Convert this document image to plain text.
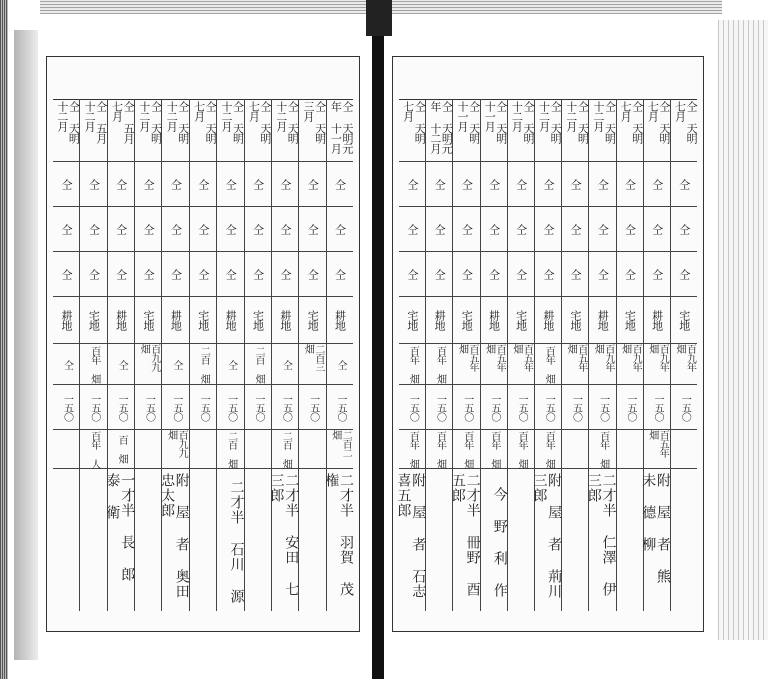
仝 天明 十二月
仝
仝
仝
耕地
仝
一五〇
仝 五月 十二月
仝
仝
仝
宅地
百年 畑
一五〇
百年 人
仝 五月 七月
仝
仝
仝
耕地
仝
一五〇
百 畑
一才半 長 郎 泰 衛
仝 天明 十二月
仝
仝
仝
宅地
百九九 畑
一五〇
仝 天明 十二月
仝
仝
仝
耕地
仝
一五〇
百九九 畑
附 屋 者 奥田 忠太郎
仝 天明 七月
仝
仝
仝
宅地
二百 畑
一五〇
仝 天明 十二月
仝
仝
仝
耕地
仝
一五〇
二百 畑
二才半 石川 源
仝 天明 七月
仝
仝
仝
宅地
二百 畑
一五〇
仝 天明 十二月
仝
仝
仝
耕地
仝
一五〇
二百 畑
二才半 安田 七三郎
仝 天明 三月
仝
仝
仝
宅地
二百三 畑
一五〇
仝 天明元年 十一月
仝
仝
仝
耕地
仝
一五〇
二百二 畑
二才半 羽賀 茂権
仝 天明 七月
仝
仝
仝
宅地
百年 畑
一五〇
百年 畑
附 屋 者 石志 喜五郎
仝 天明元年 十二月
仝
仝
仝
耕地
百年 畑
一五〇
百年 畑
仝 天明 十一月
仝
仝
仝
宅地
百五年 畑
一五〇
百年 畑
二才半 冊野 酉 五郎
仝 天明 十一月
仝
仝
仝
耕地
百五年 畑
一五〇
百年 畑
今 野 利 作
仝 天明 十二月
仝
仝
仝
宅地
百五年 畑
一五〇
百年 畑
仝 天明 十二月
仝
仝
仝
耕地
百年 畑
一五〇
百年 畑
附 屋 者 荊川 三郎
仝 天明 十二月
仝
仝
仝
宅地
百五年 畑
一五〇
仝 天明 十二月
仝
仝
仝
耕地
百九年 畑
一五〇
百年 畑
二才半 仁澤 伊三郎
仝 天明 七月
仝
仝
仝
宅地
百九年 畑
一五〇
仝 天明 七月
仝
仝
仝
耕地
百九年 畑
一五〇
百五年 畑
附 屋 者 熊 未 德 柳
仝 天明 七月
仝
仝
仝
宅地
百九年 畑
一五〇
